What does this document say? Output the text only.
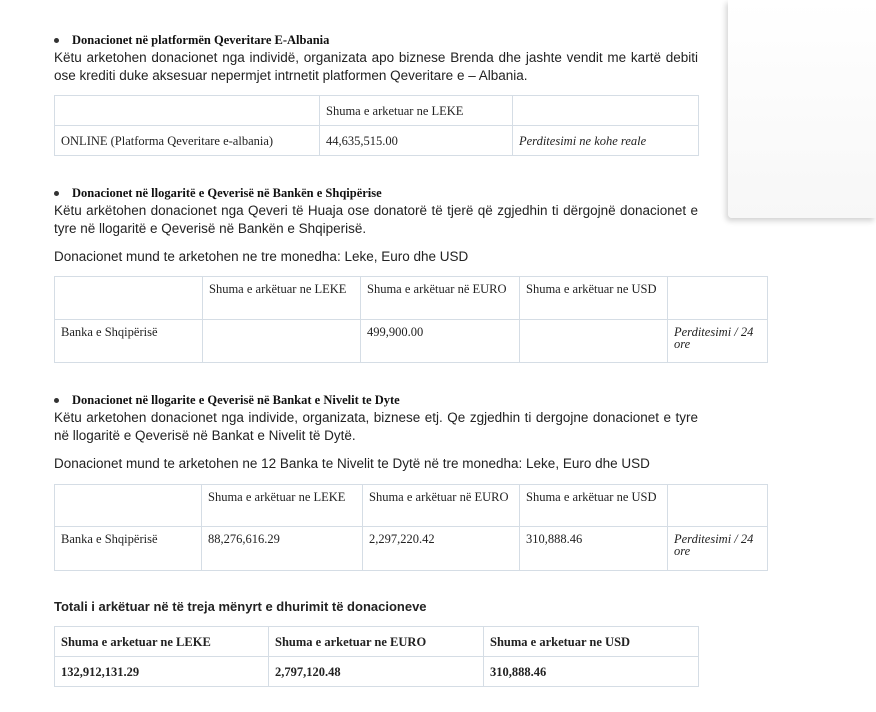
Donacionet në platformën Qeveritare E-Albania

Këtu arketohen donacionet nga individë, organizata apo biznese Brenda dhe jashte vendit me kartë debiti ose krediti duke aksesuar nepermjet intrnetit platformen Qeveritare e – Albania.

	Shuma e arketuar ne LEKE	
ONLINE (Platforma Qeveritare e-albania)	44,635,515.00	Perditesimi ne kohe reale
Donacionet në llogaritë e Qeverisë në Bankën e Shqipërise

Këtu arkëtohen donacionet nga Qeveri të Huaja ose donatorë të tjerë që zgjedhin ti dërgojnë donacionet e tyre në llogaritë e Qeverisë në Bankën e Shqiperisë.

Donacionet mund te arketohen ne tre monedha: Leke, Euro dhe USD

	Shuma e arkëtuar ne LEKE	Shuma e arkëtuar në EURO	Shuma e arkëtuar ne USD	
Banka e Shqipërisë		499,900.00		Perditesimi / 24 ore
Donacionet në llogarite e Qeverisë në Bankat e Nivelit te Dyte

Këtu arketohen donacionet nga individe, organizata, biznese etj. Qe zgjedhin ti dergojne donacionet e tyre në llogaritë e Qeverisë në Bankat e Nivelit të Dytë.

Donacionet mund te arketohen ne 12 Banka te Nivelit te Dytë në tre monedha: Leke, Euro dhe USD

	Shuma e arkëtuar ne LEKE	Shuma e arkëtuar në EURO	Shuma e arkëtuar ne USD	
Banka e Shqipërisë	88,276,616.29	2,297,220.42	310,888.46	Perditesimi / 24 ore
Totali i arkëtuar në të treja mënyrt e dhurimit të donacioneve
Shuma e arketuar ne LEKE	Shuma e arketuar ne EURO	Shuma e arketuar ne USD
132,912,131.29	2,797,120.48	310,888.46
